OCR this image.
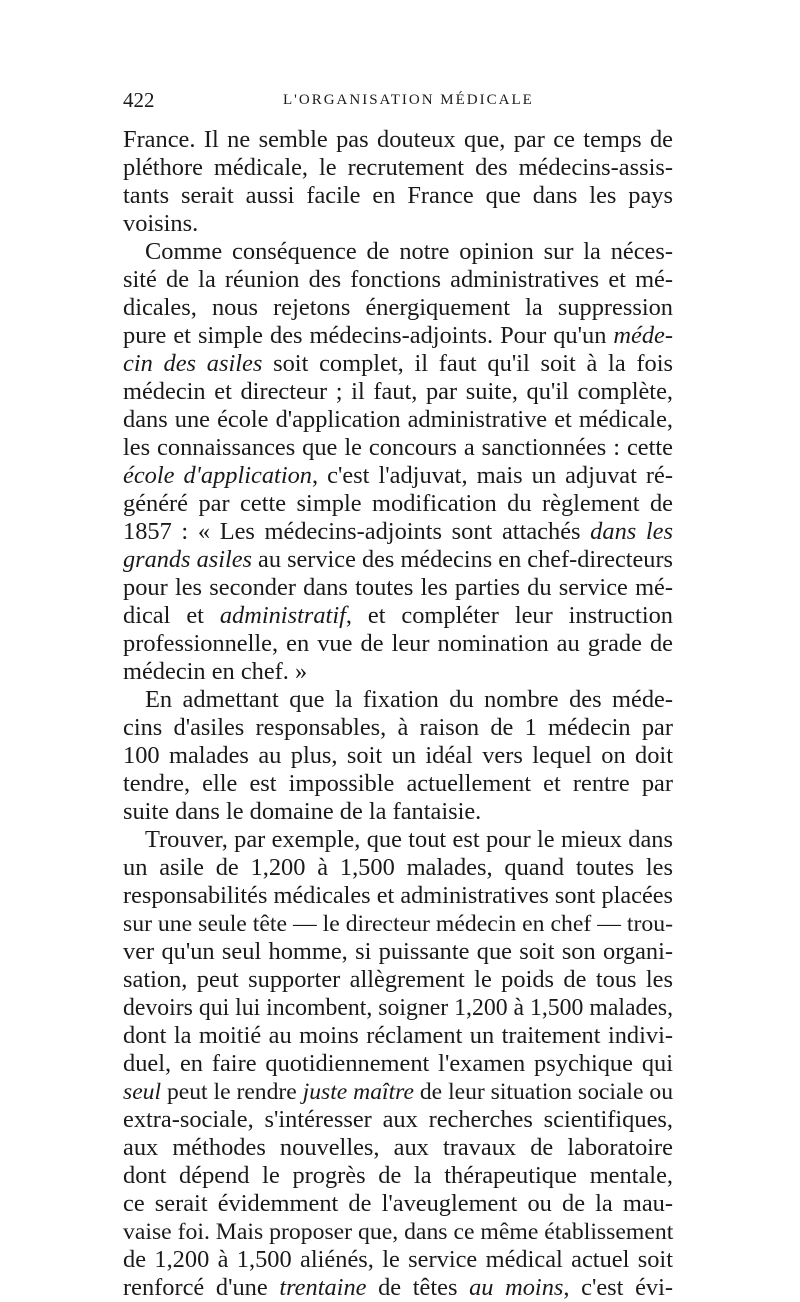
422	L'ORGANISATION MÉDICALE
France. Il ne semble pas douteux que, par ce temps de
pléthore médicale, le recrutement des médecins-assis-
tants serait aussi facile en France que dans les pays
voisins.
Comme conséquence de notre opinion sur la néces-
sité de la réunion des fonctions administratives et mé-
dicales, nous rejetons énergiquement la suppression
pure et simple des médecins-adjoints. Pour qu'un méde-
cin des asiles soit complet, il faut qu'il soit à la fois
médecin et directeur ; il faut, par suite, qu'il complète,
dans une école d'application administrative et médicale,
les connaissances que le concours a sanctionnées : cette
école d'application, c'est l'adjuvat, mais un adjuvat ré-
généré par cette simple modification du règlement de
1857 : « Les médecins-adjoints sont attachés dans les
grands asiles au service des médecins en chef-directeurs
pour les seconder dans toutes les parties du service mé-
dical et administratif, et compléter leur instruction
professionnelle, en vue de leur nomination au grade de
médecin en chef. »
En admettant que la fixation du nombre des méde-
cins d'asiles responsables, à raison de 1 médecin par
100 malades au plus, soit un idéal vers lequel on doit
tendre, elle est impossible actuellement et rentre par
suite dans le domaine de la fantaisie.
Trouver, par exemple, que tout est pour le mieux dans
un asile de 1,200 à 1,500 malades, quand toutes les
responsabilités médicales et administratives sont placées
sur une seule tête — le directeur médecin en chef — trou-
ver qu'un seul homme, si puissante que soit son organi-
sation, peut supporter allègrement le poids de tous les
devoirs qui lui incombent, soigner 1,200 à 1,500 malades,
dont la moitié au moins réclament un traitement indivi-
duel, en faire quotidiennement l'examen psychique qui
seul peut le rendre juste maître de leur situation sociale ou
extra-sociale, s'intéresser aux recherches scientifiques,
aux méthodes nouvelles, aux travaux de laboratoire
dont dépend le progrès de la thérapeutique mentale,
ce serait évidemment de l'aveuglement ou de la mau-
vaise foi. Mais proposer que, dans ce même établissement
de 1,200 à 1,500 aliénés, le service médical actuel soit
renforcé d'une trentaine de têtes au moins, c'est évi-
